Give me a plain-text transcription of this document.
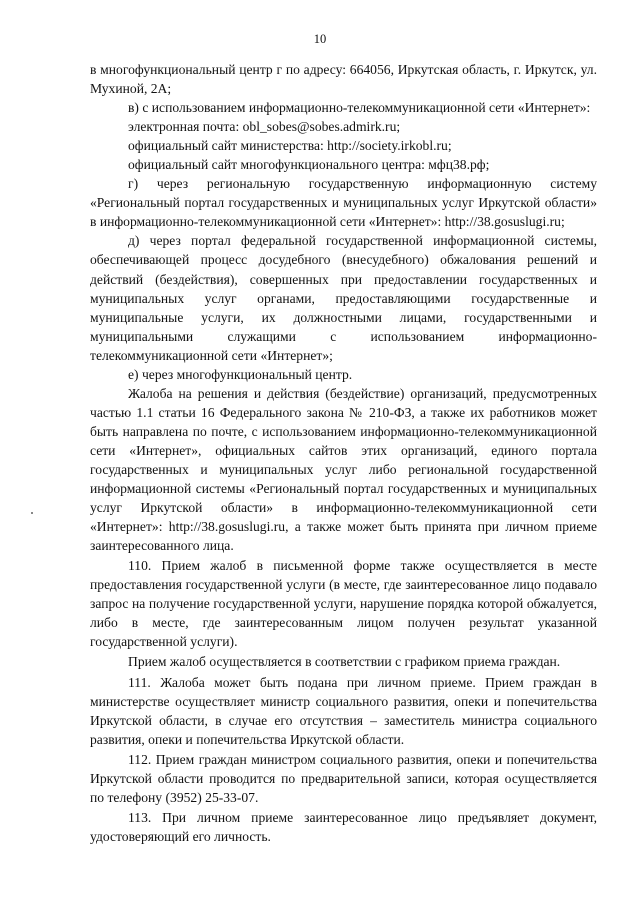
10

в многофункциональный центр г по адресу: 664056, Иркутская область, г. Иркутск, ул. Мухиной, 2А;

в) с использованием информационно-телекоммуникационной сети «Интернет»:

электронная почта: obl_sobes@sobes.admirk.ru;

официальный сайт министерства: http://society.irkobl.ru;

официальный сайт многофункционального центра: мфц38.рф;

г) через региональную государственную информационную систему «Региональный портал государственных и муниципальных услуг Иркутской области» в информационно-телекоммуникационной сети «Интернет»: http://38.gosuslugi.ru;

д) через портал федеральной государственной информационной системы, обеспечивающей процесс досудебного (внесудебного) обжалования решений и действий (бездействия), совершенных при предоставлении государственных и муниципальных услуг органами, предоставляющими государственные и муниципальные услуги, их должностными лицами, государственными и муниципальными служащими с использованием информационно-телекоммуникационной сети «Интернет»;

е) через многофункциональный центр.

Жалоба на решения и действия (бездействие) организаций, предусмотренных частью 1.1 статьи 16 Федерального закона № 210-ФЗ, а также их работников может быть направлена по почте, с использованием информационно-телекоммуникационной сети «Интернет», официальных сайтов этих организаций, единого портала государственных и муниципальных услуг либо региональной государственной информационной системы «Региональный портал государственных и муниципальных услуг Иркутской области» в информационно-телекоммуникационной сети «Интернет»: http://38.gosuslugi.ru, а также может быть принята при личном приеме заинтересованного лица.

110. Прием жалоб в письменной форме также осуществляется в месте предоставления государственной услуги (в месте, где заинтересованное лицо подавало запрос на получение государственной услуги, нарушение порядка которой обжалуется, либо в месте, где заинтересованным лицом получен результат указанной государственной услуги).

Прием жалоб осуществляется в соответствии с графиком приема граждан.

111. Жалоба может быть подана при личном приеме. Прием граждан в министерстве осуществляет министр социального развития, опеки и попечительства Иркутской области, в случае его отсутствия – заместитель министра социального развития, опеки и попечительства Иркутской области.

112. Прием граждан министром социального развития, опеки и попечительства Иркутской области проводится по предварительной записи, которая осуществляется по телефону (3952) 25-33-07.

113. При личном приеме заинтересованное лицо предъявляет документ, удостоверяющий его личность.
